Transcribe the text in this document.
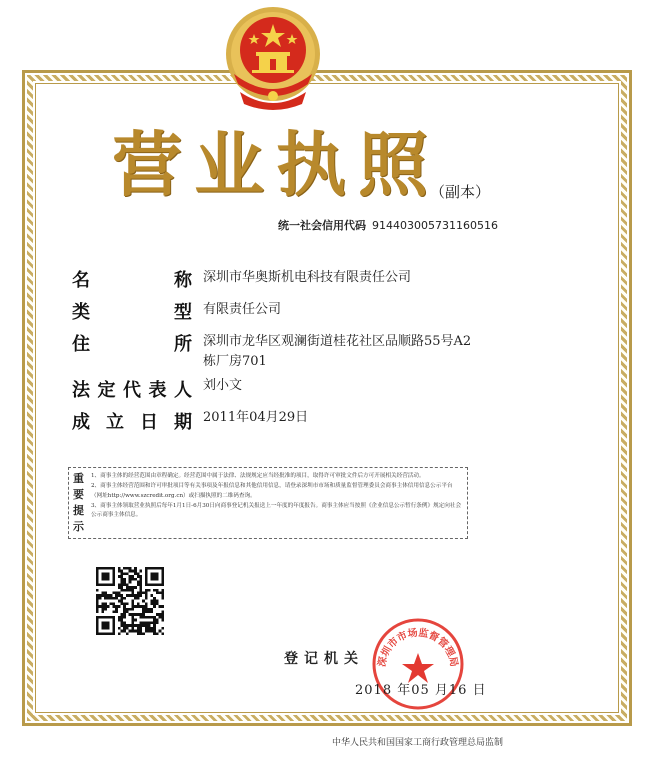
营业执照
（副本）
统一社会信用代码 914403005731160516
名	称 深圳市华奥斯机电科技有限责任公司
类	型 有限责任公司
住	所 深圳市龙华区观澜街道桂花社区品顺路55号A2栋厂房701
法 定 代 表 人 刘小文
成 立 日 期 2011年04月29日
重要提示

1、商事主体的经营范围由章程确定。经营范围中属于法律、法规规定应当经批准的项目，取得许可审批文件后方可开展相关经营活动。

2、商事主体经营范围和许可审批项目等有关事项及年报信息和其他信用信息，请登录深圳市市场和质量监督管理委员会商事主体信用信息公示平台（网址http://www.szcredit.org.cn）或扫描执照的二维码查询。

3、商事主体领取营业执照后每年1月1日-6月30日向商事登记机关报送上一年度的年度报告。商事主体应当按照《企业信息公示暂行条例》规定向社会公示商事主体信息。

登记机关 深圳市市场监督管理局
2018 年05 月16 日
中华人民共和国国家工商行政管理总局监制
